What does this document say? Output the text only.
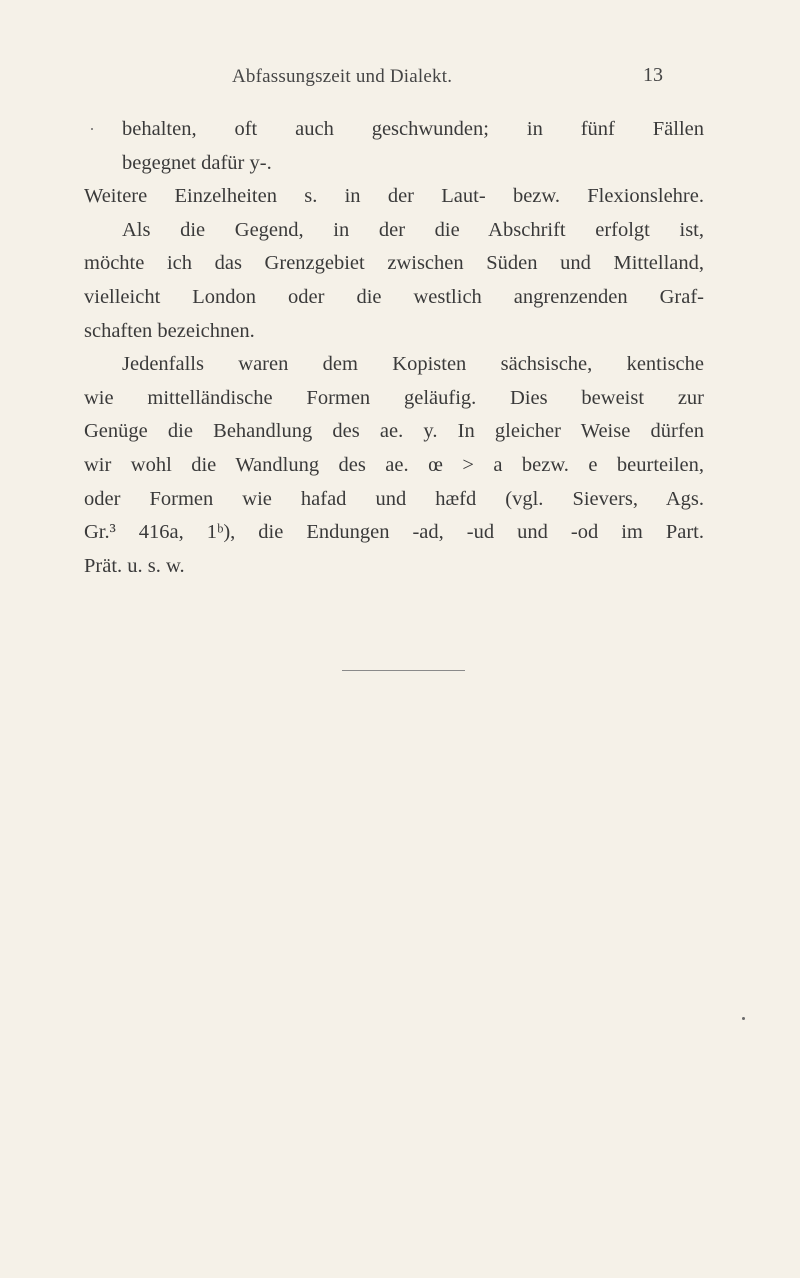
Abfassungszeit und Dialekt.	13
behalten, oft auch geschwunden; in fünf Fällen
begegnet dafür y-.
Weitere Einzelheiten s. in der Laut- bezw. Flexionslehre.
Als die Gegend, in der die Abschrift erfolgt ist,
möchte ich das Grenzgebiet zwischen Süden und Mittelland,
vielleicht London oder die westlich angrenzenden Graf-
schaften bezeichnen.
Jedenfalls waren dem Kopisten sächsische, kentische
wie mittelländische Formen geläufig. Dies beweist zur
Genüge die Behandlung des ae. y. In gleicher Weise dürfen
wir wohl die Wandlung des ae. œ > a bezw. e beurteilen,
oder Formen wie hafad und hæfd (vgl. Sievers, Ags.
Gr.³ 416a, 1ᵇ), die Endungen -ad, -ud und -od im Part.
Prät. u. s. w.
